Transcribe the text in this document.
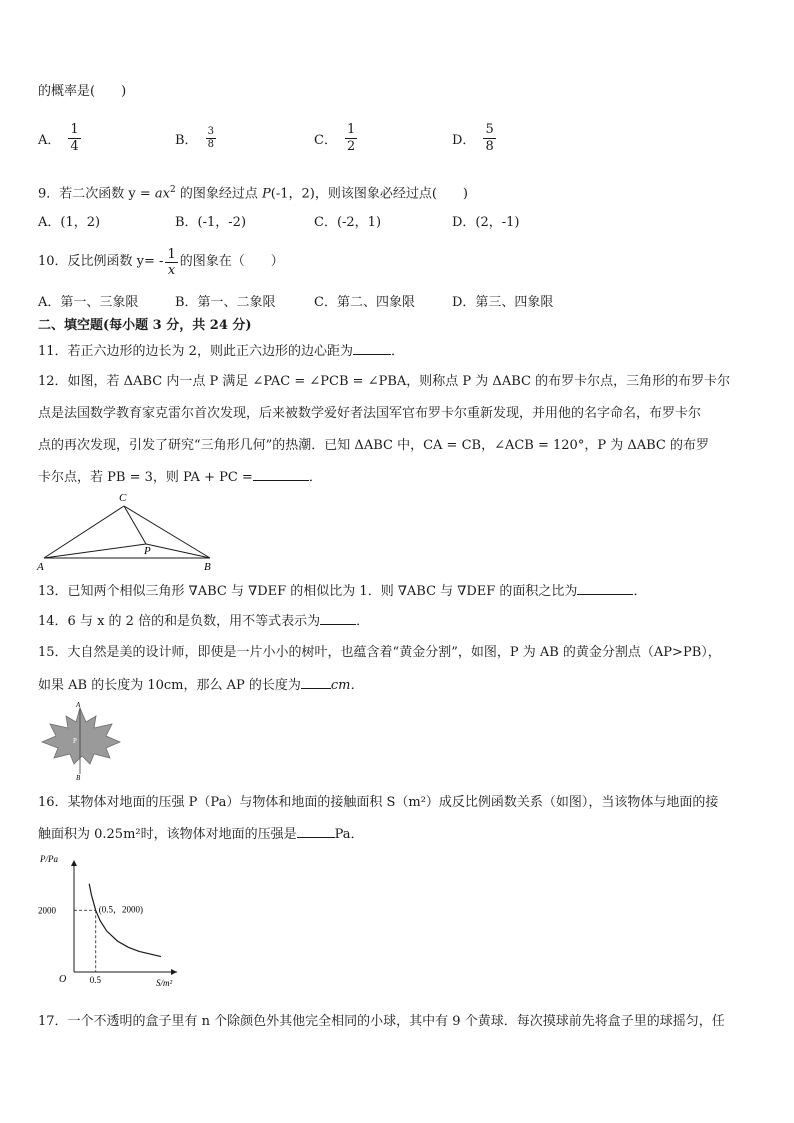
的概率是(　　)
A． $\frac{1}{4}$	B． $\frac{3}{8}$	C． $\frac{1}{2}$	D． $\frac{5}{8}$
9．若二次函数 $y = ax^2$ 的图象经过点 P(-1，2)，则该图象必经过点(　　)
A．(1，2)	B．(-1，-2)	C．(-2，1)	D．(2，-1)
10．反比例函数 $y= - \frac{1}{x}$ 的图象在（　　）
A．第一、三象限	B．第一、二象限	C．第二、四象限	D．第三、四象限
二、填空题(每小题 3 分，共 24 分)
11．若正六边形的边长为 2，则此正六边形的边心距为	．
12．如图，若 ΔABC 内一点 P 满足 ∠PAC = ∠PCB = ∠PBA，则称点 P 为 ΔABC 的布罗卡尔点，三角形的布罗卡尔
点是法国数学教育家克雷尔首次发现，后来被数学爱好者法国军官布罗卡尔重新发现，并用他的名字命名，布罗卡尔
点的再次发现，引发了研究“三角形几何”的热潮．已知 ΔABC 中，CA = CB，∠ACB = 120°，P 为 ΔABC 的布罗
卡尔点，若 PB = 3，则 PA + PC =	．
A	B
C
P
13．已知两个相似三角形 ∇ABC 与 ∇DEF 的相似比为 1．则 ∇ABC 与 ∇DEF 的面积之比为	．
14．6 与 x 的 2 倍的和是负数，用不等式表示为	．
15．大自然是美的设计师，即使是一片小小的树叶，也蕴含着“黄金分割”，如图，P 为 AB 的黄金分割点（AP>PB），
如果 AB 的长度为 10cm，那么 AP 的长度为 cm．
A
P
B
16．某物体对地面的压强 P（Pa）与物体和地面的接触面积 S（m²）成反比例函数关系（如图），当该物体与地面的接
触面积为 0.25m²时，该物体对地面的压强是	Pa．
P/Pa
S/m²
O
2000
0.5
(0.5，2000)
17．一个不透明的盒子里有 n 个除颜色外其他完全相同的小球，其中有 9 个黄球．每次摸球前先将盒子里的球摇匀，任
